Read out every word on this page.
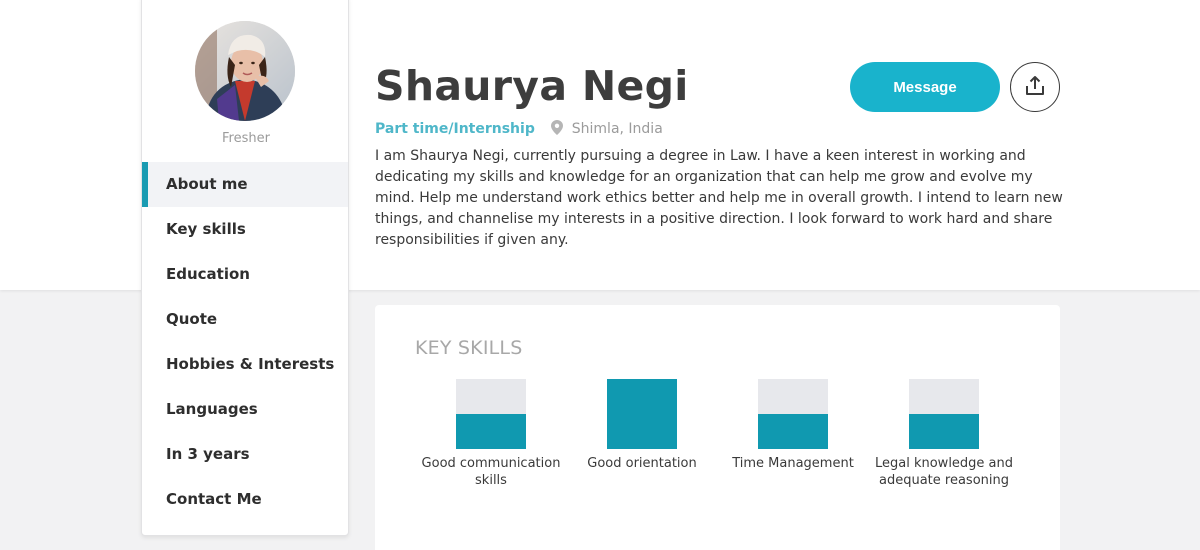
Fresher
About me
Key skills
Education
Quote
Hobbies & Interests
Languages
In 3 years
Contact Me
Shaurya Negi
Part time/Internship	Shimla, India

I am Shaurya Negi, currently pursuing a degree in Law. I have a keen interest in working and dedicating my skills and knowledge for an organization that can help me grow and evolve my mind. Help me understand work ethics better and help me in overall growth. I intend to learn new things, and channelise my interests in a positive direction. I look forward to work hard and share responsibilities if given any.

Message
KEY SKILLS
Good communication skills
Good orientation	Time Management	Legal knowledge and adequate reasoning
